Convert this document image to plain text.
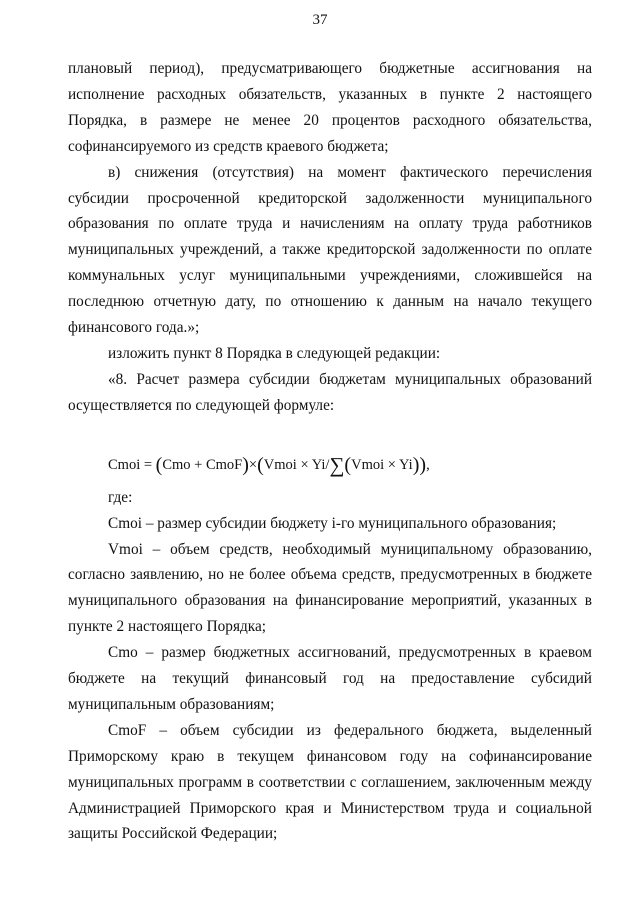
37

плановый период), предусматривающего бюджетные ассигнования на исполнение расходных обязательств, указанных в пункте 2 настоящего Порядка, в размере не менее 20 процентов расходного обязательства, софинансируемого из средств краевого бюджета;

в) снижения (отсутствия) на момент фактического перечисления субсидии просроченной кредиторской задолженности муниципального образования по оплате труда и начислениям на оплату труда работников муниципальных учреждений, а также кредиторской задолженности по оплате коммунальных услуг муниципальными учреждениями, сложившейся на последнюю отчетную дату, по отношению к данным на начало текущего финансового года.»;

изложить пункт 8 Порядка в следующей редакции:

«8. Расчет размера субсидии бюджетам муниципальных образований осуществляется по следующей формуле:

Cmoi = (Cmo + CmoF)×(Vmoi × Yi/∑(Vmoi × Yi)),

где:

Cmoi – размер субсидии бюджету i-го муниципального образования;

Vmoi – объем средств, необходимый муниципальному образованию, согласно заявлению, но не более объема средств, предусмотренных в бюджете муниципального образования на финансирование мероприятий, указанных в пункте 2 настоящего Порядка;

Cmo – размер бюджетных ассигнований, предусмотренных в краевом бюджете на текущий финансовый год на предоставление субсидий муниципальным образованиям;

CmoF – объем субсидии из федерального бюджета, выделенный Приморскому краю в текущем финансовом году на софинансирование муниципальных программ в соответствии с соглашением, заключенным между Администрацией Приморского края и Министерством труда и социальной защиты Российской Федерации;
